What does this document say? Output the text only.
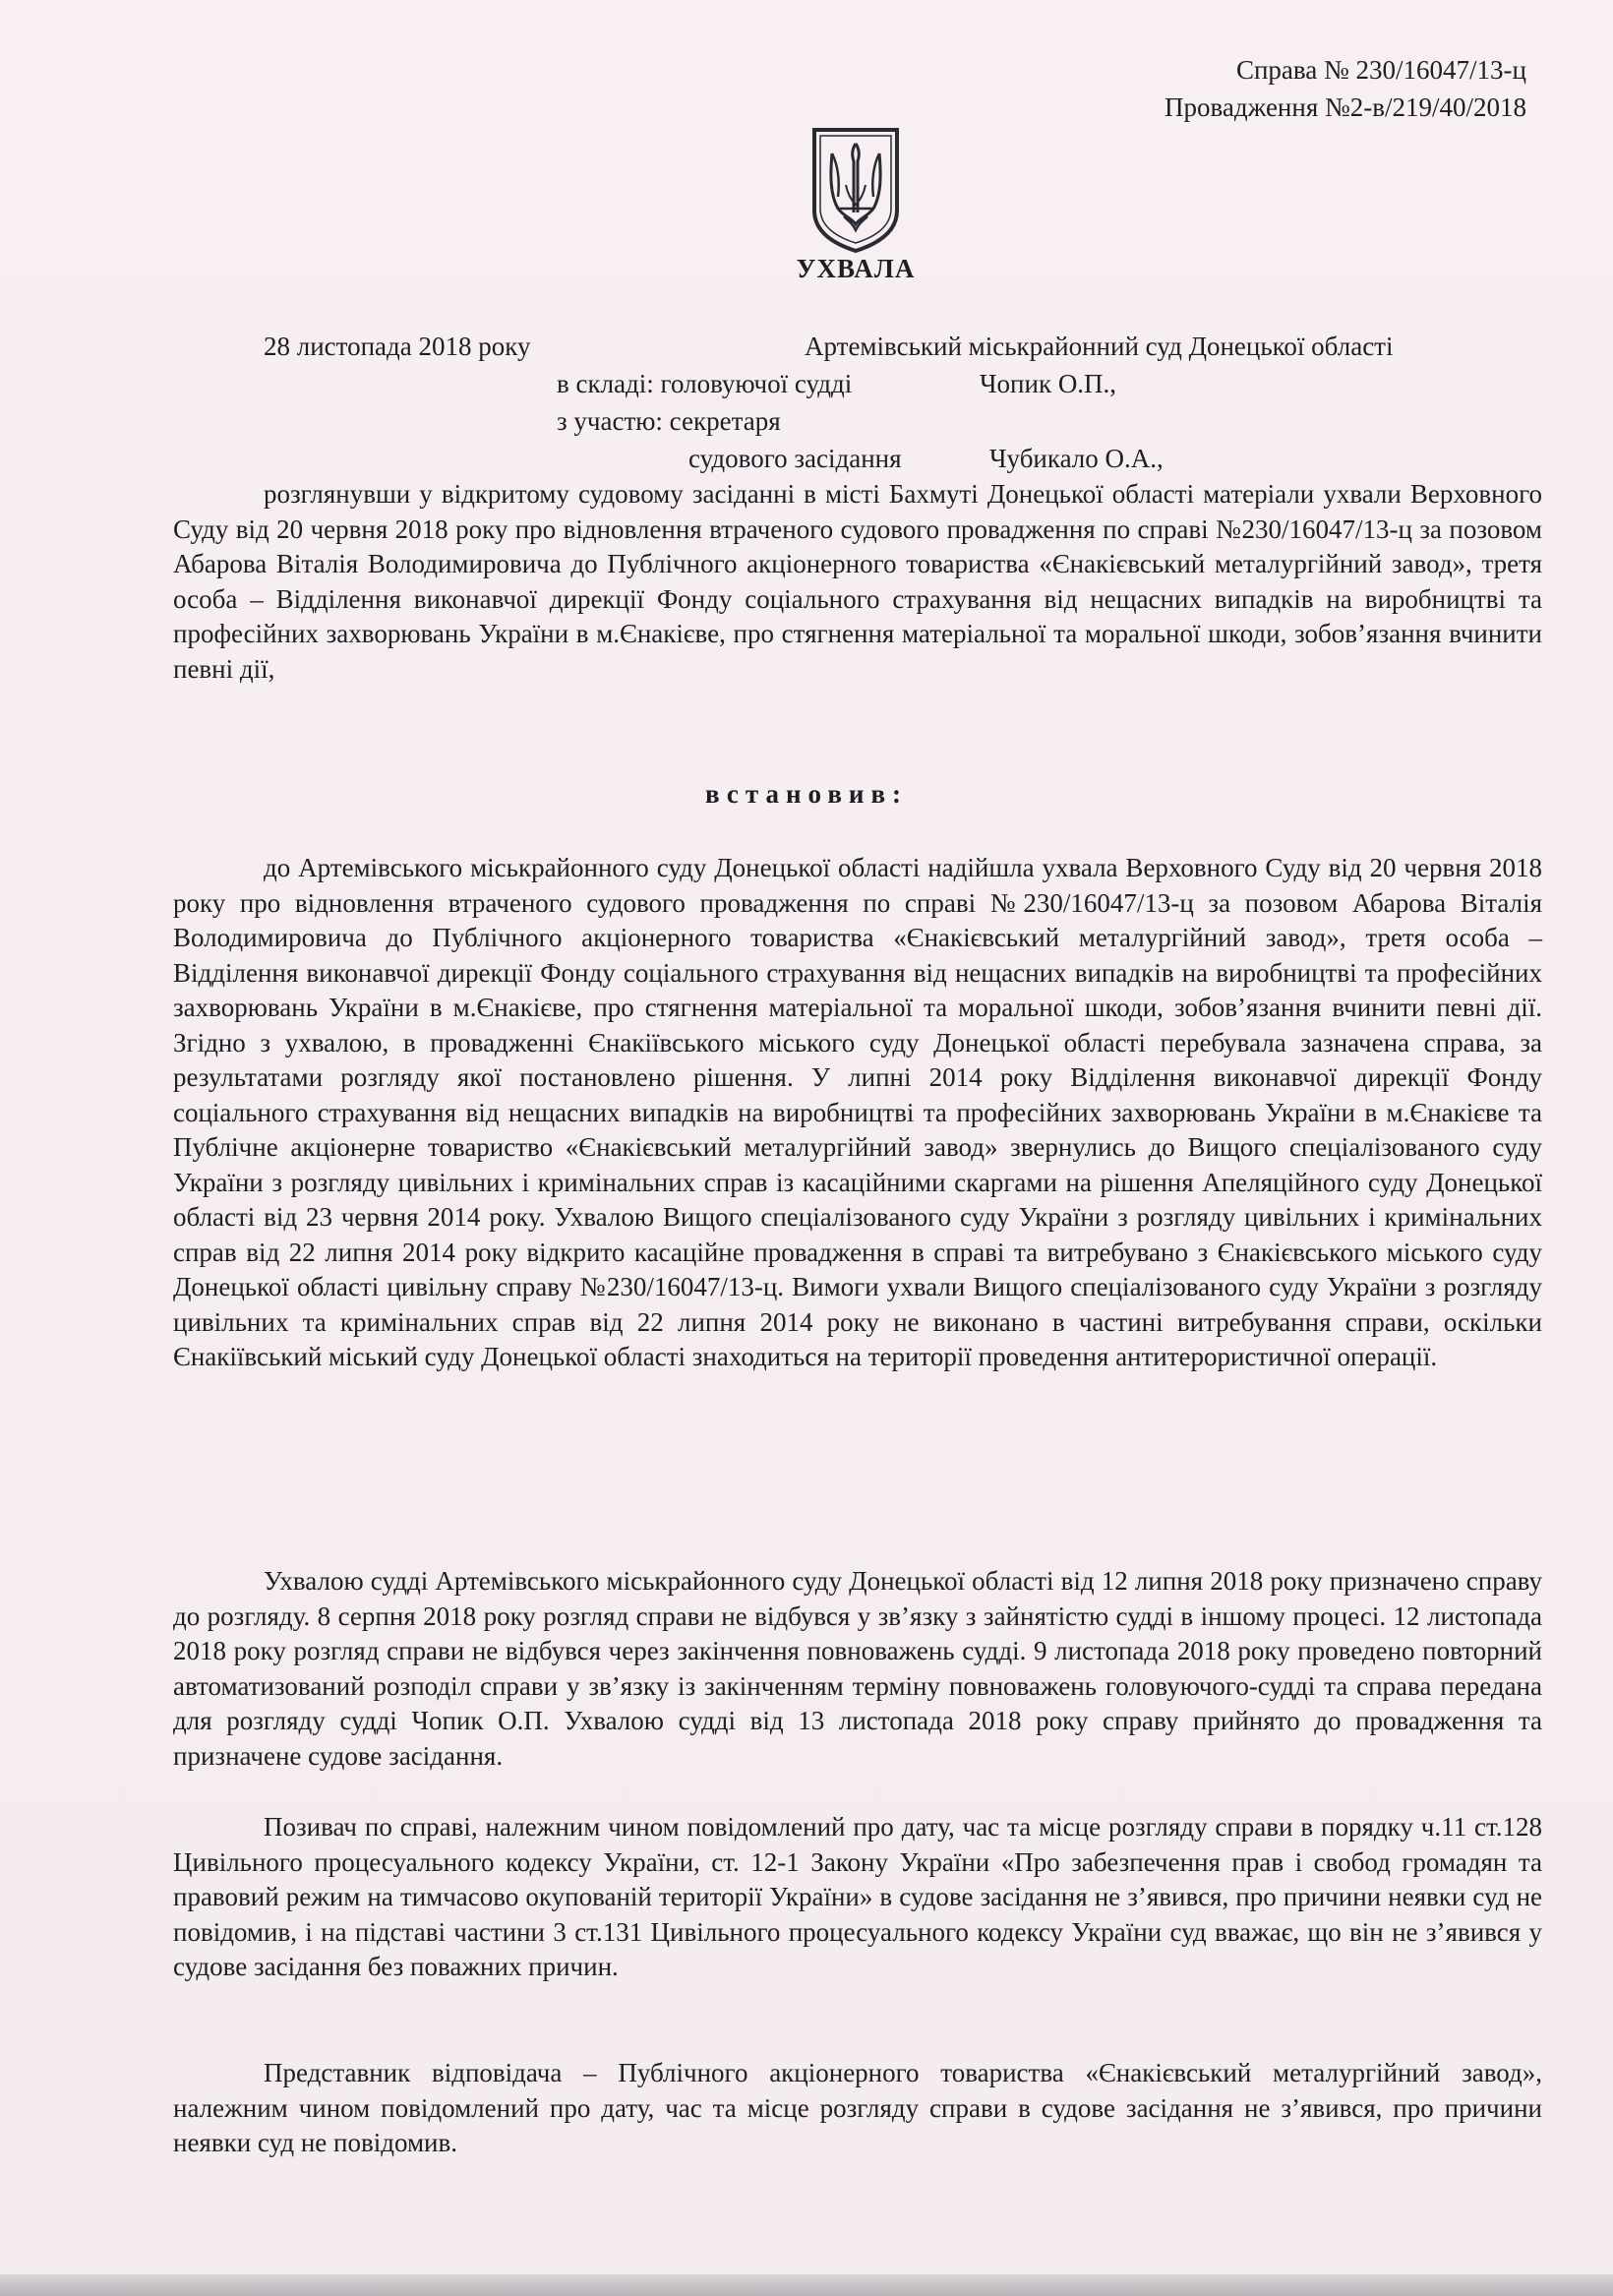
Справа № 230/16047/13-ц
Провадження №2-в/219/40/2018
УХВАЛА
28 листопада 2018 року	Артемівський міськрайонний суд Донецької області
в складі: головуючої судді	Чопик О.П.,
з участю: секретаря
судового засідання	Чубикало О.А.,
розглянувши у відкритому судовому засіданні в місті Бахмуті Донецької області матеріали ухвали Верховного Суду від 20 червня 2018 року про відновлення втраченого судового провадження по справі №230/16047/13-ц за позовом Абарова Віталія Володимировича до Публічного акціонерного товариства «Єнакієвський металургійний завод», третя особа – Відділення виконавчої дирекції Фонду соціального страхування від нещасних випадків на виробництві та професійних захворювань України в м.Єнакієве, про стягнення матеріальної та моральної шкоди, зобов’язання вчинити певні дії,
встановив:
до Артемівського міськрайонного суду Донецької області надійшла ухвала Верховного Суду від 20 червня 2018 року про відновлення втраченого судового провадження по справі №230/16047/13-ц за позовом Абарова Віталія Володимировича до Публічного акціонерного товариства «Єнакієвський металургійний завод», третя особа – Відділення виконавчої дирекції Фонду соціального страхування від нещасних випадків на виробництві та професійних захворювань України в м.Єнакієве, про стягнення матеріальної та моральної шкоди, зобов’язання вчинити певні дії. Згідно з ухвалою, в провадженні Єнакіївського міського суду Донецької області перебувала зазначена справа, за результатами розгляду якої постановлено рішення. У липні 2014 року Відділення виконавчої дирекції Фонду соціального страхування від нещасних випадків на виробництві та професійних захворювань України в м.Єнакієве та Публічне акціонерне товариство «Єнакієвський металургійний завод» звернулись до Вищого спеціалізованого суду України з розгляду цивільних і кримінальних справ із касаційними скаргами на рішення Апеляційного суду Донецької області від 23 червня 2014 року. Ухвалою Вищого спеціалізованого суду України з розгляду цивільних і кримінальних справ від 22 липня 2014 року відкрито касаційне провадження в справі та витребувано з Єнакієвського міського суду Донецької області цивільну справу №230/16047/13-ц. Вимоги ухвали Вищого спеціалізованого суду України з розгляду цивільних та кримінальних справ від 22 липня 2014 року не виконано в частині витребування справи, оскільки Єнакіївський міський суду Донецької області знаходиться на території проведення антитерористичної операції.
Ухвалою судді Артемівського міськрайонного суду Донецької області від 12 липня 2018 року призначено справу до розгляду. 8 серпня 2018 року розгляд справи не відбувся у зв’язку з зайнятістю судді в іншому процесі. 12 листопада 2018 року розгляд справи не відбувся через закінчення повноважень судді. 9 листопада 2018 року проведено повторний автоматизований розподіл справи у зв’язку із закінченням терміну повноважень головуючого-судді та справа передана для розгляду судді Чопик О.П. Ухвалою судді від 13 листопада 2018 року справу прийнято до провадження та призначене судове засідання.
Позивач по справі, належним чином повідомлений про дату, час та місце розгляду справи в порядку ч.11 ст.128 Цивільного процесуального кодексу України, ст. 12-1 Закону України «Про забезпечення прав і свобод громадян та правовий режим на тимчасово окупованій території України» в судове засідання не з’явився, про причини неявки суд не повідомив, і на підставі частини 3 ст.131 Цивільного процесуального кодексу України суд вважає, що він не з’явився у судове засідання без поважних причин.
Представник відповідача – Публічного акціонерного товариства «Єнакієвський металургійний завод», належним чином повідомлений про дату, час та місце розгляду справи в судове засідання не з’явився, про причини неявки суд не повідомив.
